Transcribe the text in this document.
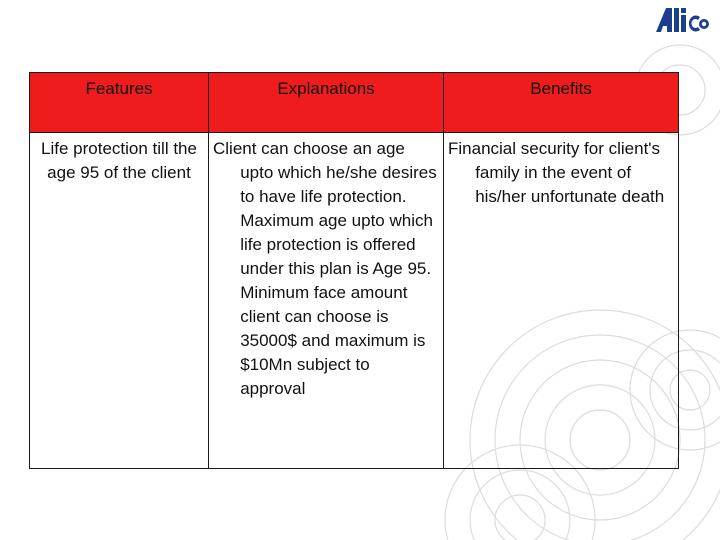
Features	Explanations	Benefits
Life protection till the age 95 of the client	Client can choose an age upto which he/she desires to have life protection. Maximum age upto which life protection is offered under this plan is Age 95. Minimum face amount client can choose is 35000$ and maximum is $10Mn subject to approval	Financial security for client's family in the event of his/her unfortunate death
